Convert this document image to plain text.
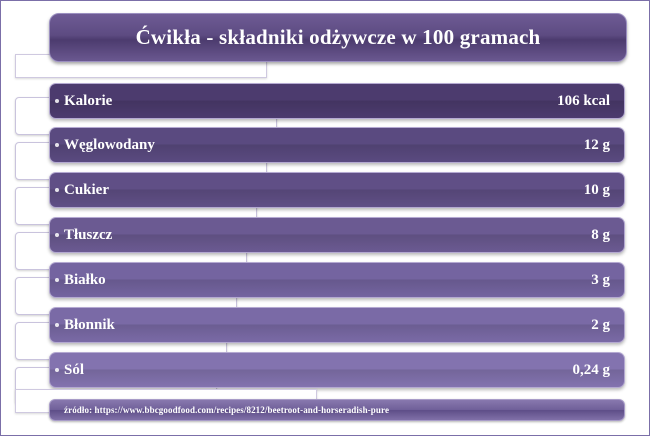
Ćwikła - składniki odżywcze w 100 gramach
Kalorie	106 kcal
Węglowodany	12 g
Cukier	10 g
Tłuszcz	8 g
Białko	3 g
Błonnik	2 g
Sól	0,24 g
źródło: https://www.bbcgoodfood.com/recipes/8212/beetroot-and-horseradish-pure
